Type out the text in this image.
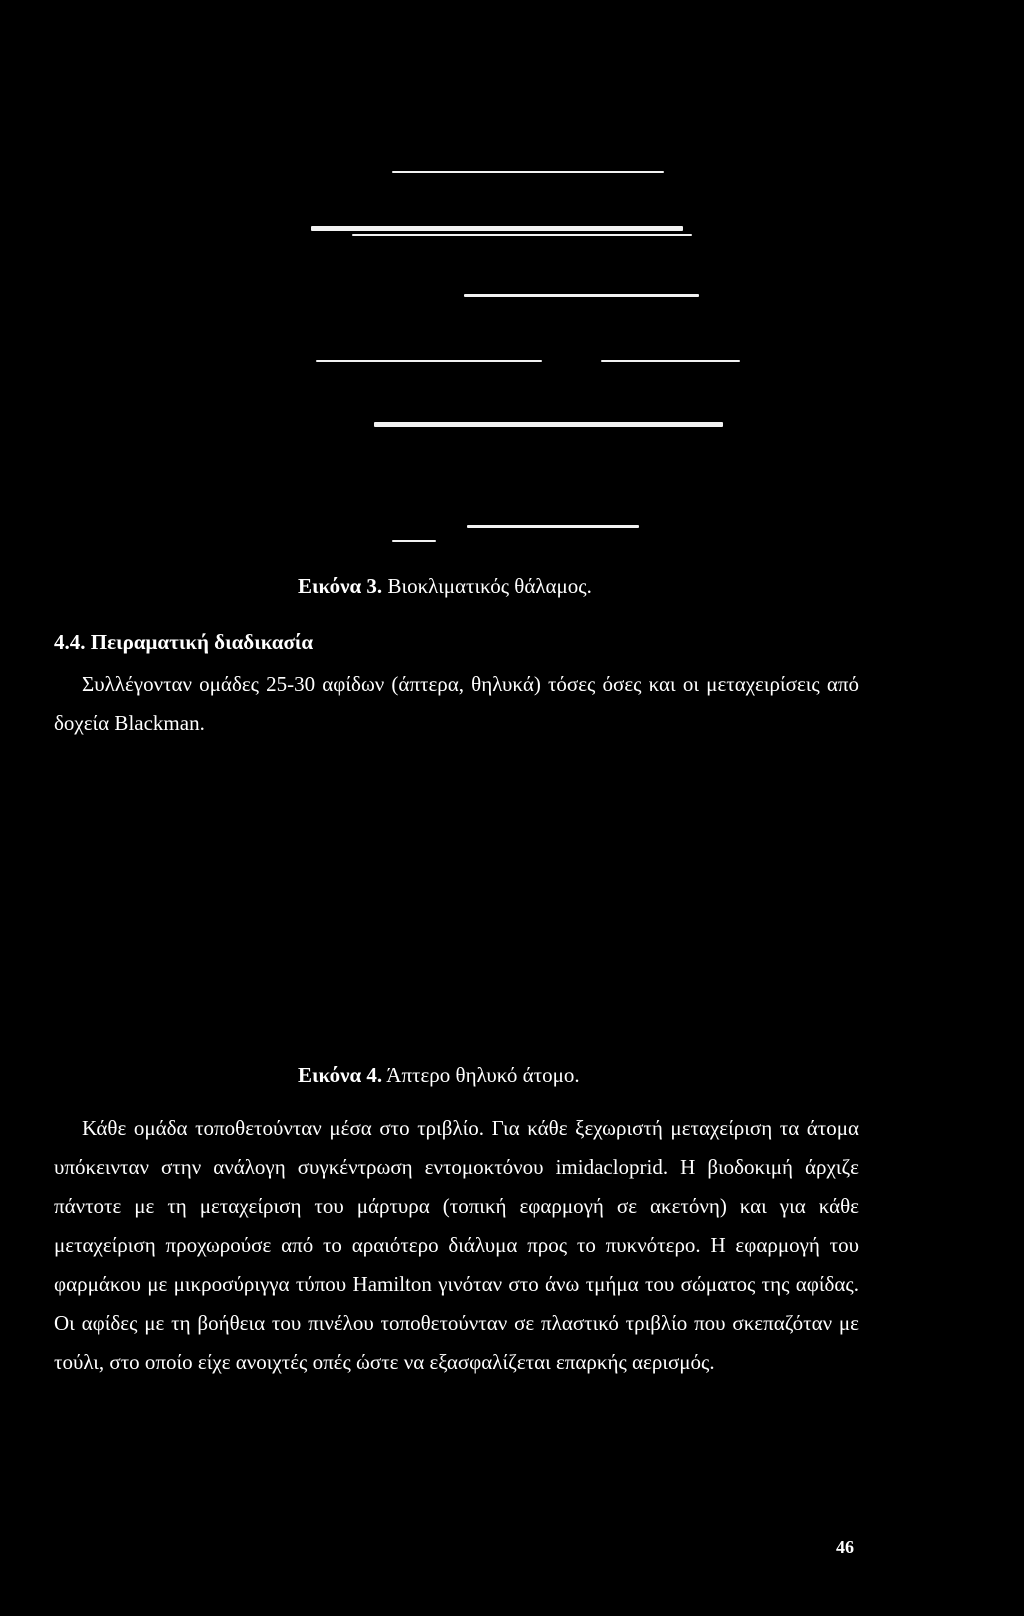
Εικόνα 3. Βιοκλιματικός θάλαμος.
4.4. Πειραματική διαδικασία
Συλλέγονταν ομάδες 25-30 αφίδων (άπτερα, θηλυκά) τόσες όσες και οι μεταχειρίσεις από δοχεία Blackman.
Εικόνα 4. Άπτερο θηλυκό άτομο.
Κάθε ομάδα τοποθετούνταν μέσα στο τριβλίο. Για κάθε ξεχωριστή μεταχείριση τα άτομα υπόκεινταν στην ανάλογη συγκέντρωση εντομοκτόνου imidacloprid. Η βιοδοκιμή άρχιζε πάντοτε με τη μεταχείριση του μάρτυρα (τοπική εφαρμογή σε ακετόνη) και για κάθε μεταχείριση προχωρούσε από το αραιότερο διάλυμα προς το πυκνότερο. Η εφαρμογή του φαρμάκου με μικροσύριγγα τύπου Hamilton γινόταν στο άνω τμήμα του σώματος της αφίδας. Οι αφίδες με τη βοήθεια του πινέλου τοποθετούνταν σε πλαστικό τριβλίο που σκεπαζόταν με τούλι, στο οποίο είχε ανοιχτές οπές ώστε να εξασφαλίζεται επαρκής αερισμός.
46
